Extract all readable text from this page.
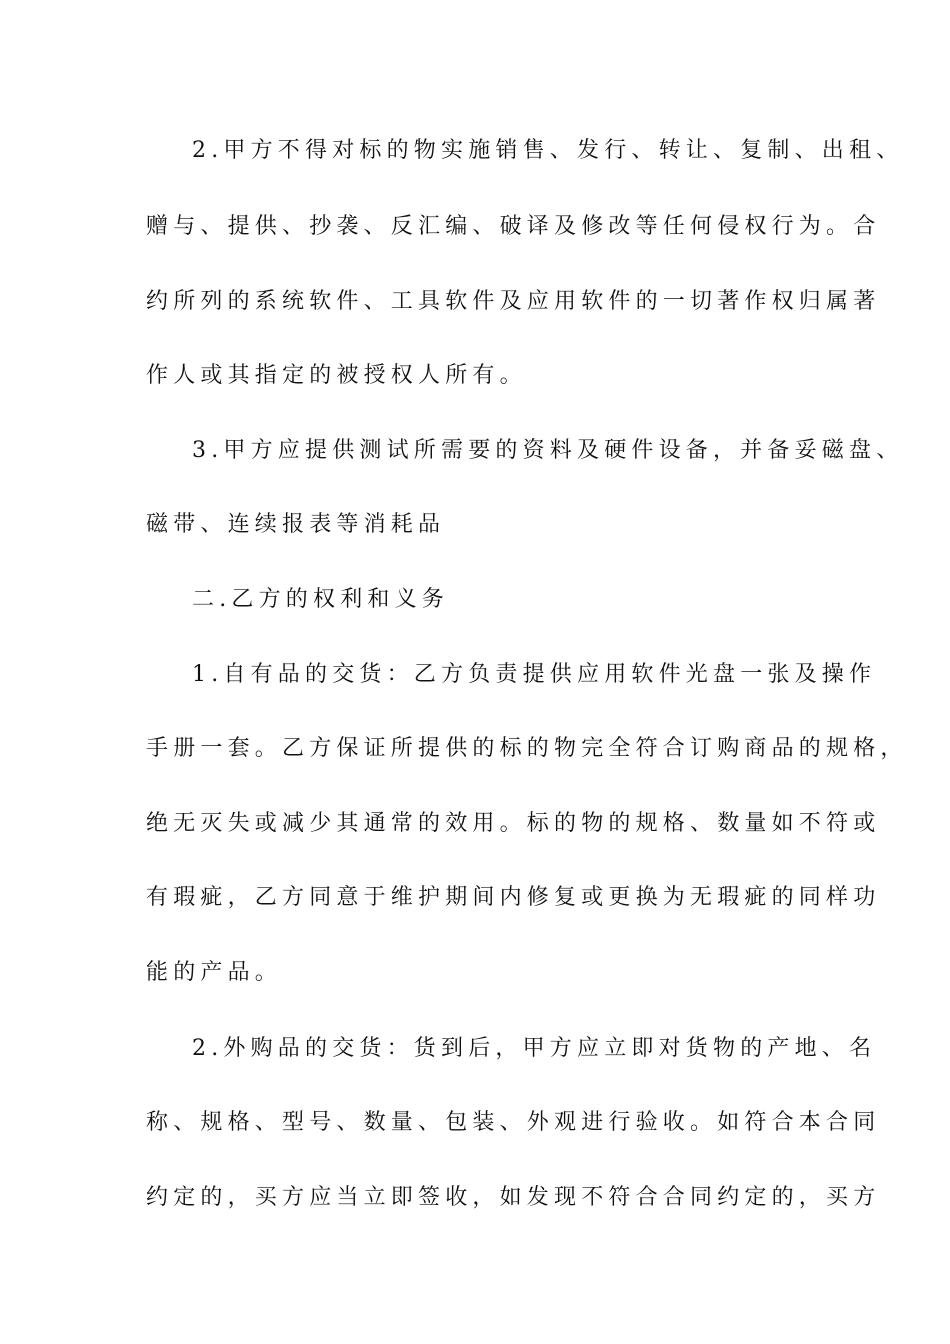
2.甲方不得对标的物实施销售、发行、转让、复制、出租、
赠与、提供、抄袭、反汇编、破译及修改等任何侵权行为。合
约所列的系统软件、工具软件及应用软件的一切著作权归属著
作人或其指定的被授权人所有。
3.甲方应提供测试所需要的资料及硬件设备，并备妥磁盘、
磁带、连续报表等消耗品
二.乙方的权利和义务
1.自有品的交货：乙方负责提供应用软件光盘一张及操作
手册一套。乙方保证所提供的标的物完全符合订购商品的规格，
绝无灭失或减少其通常的效用。标的物的规格、数量如不符或
有瑕疵，乙方同意于维护期间内修复或更换为无瑕疵的同样功
能的产品。
2.外购品的交货：货到后，甲方应立即对货物的产地、名
称、规格、型号、数量、包装、外观进行验收。如符合本合同
约定的，买方应当立即签收，如发现不符合合同约定的，买方
